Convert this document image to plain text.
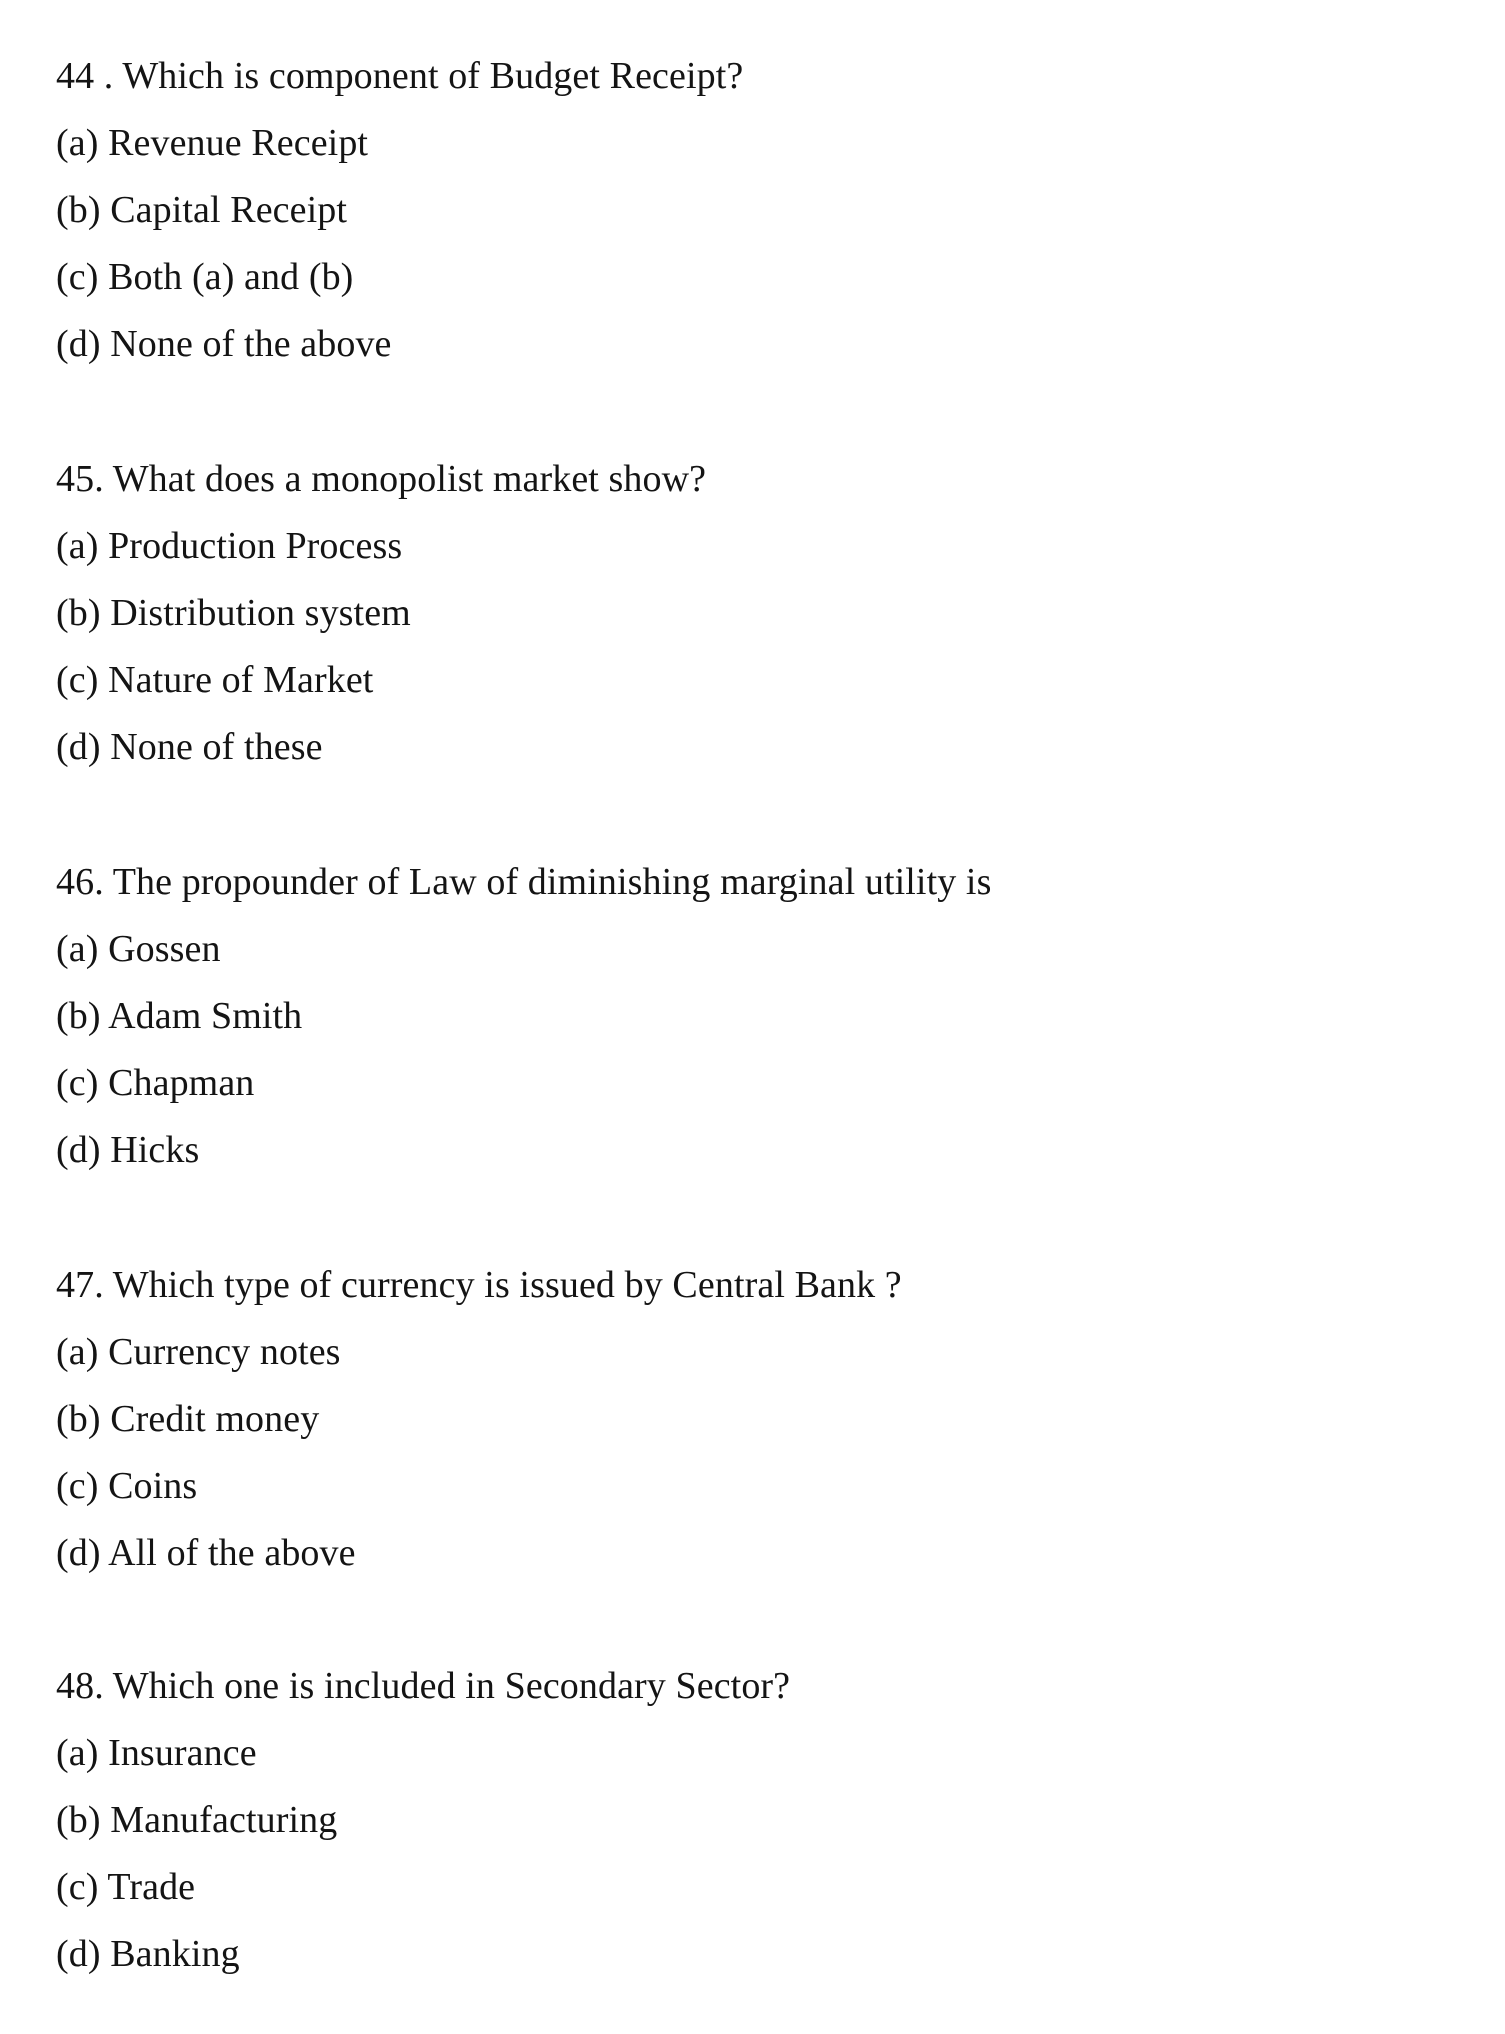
44 . Which is component of Budget Receipt?
(a) Revenue Receipt
(b) Capital Receipt
(c) Both (a) and (b)
(d) None of the above
45. What does a monopolist market show?
(a) Production Process
(b) Distribution system
(c) Nature of Market
(d) None of these
46. The propounder of Law of diminishing marginal utility is
(a) Gossen
(b) Adam Smith
(c) Chapman
(d) Hicks
47. Which type of currency is issued by Central Bank ?
(a) Currency notes
(b) Credit money
(c) Coins
(d) All of the above
48. Which one is included in Secondary Sector?
(a) Insurance
(b) Manufacturing
(c) Trade
(d) Banking
